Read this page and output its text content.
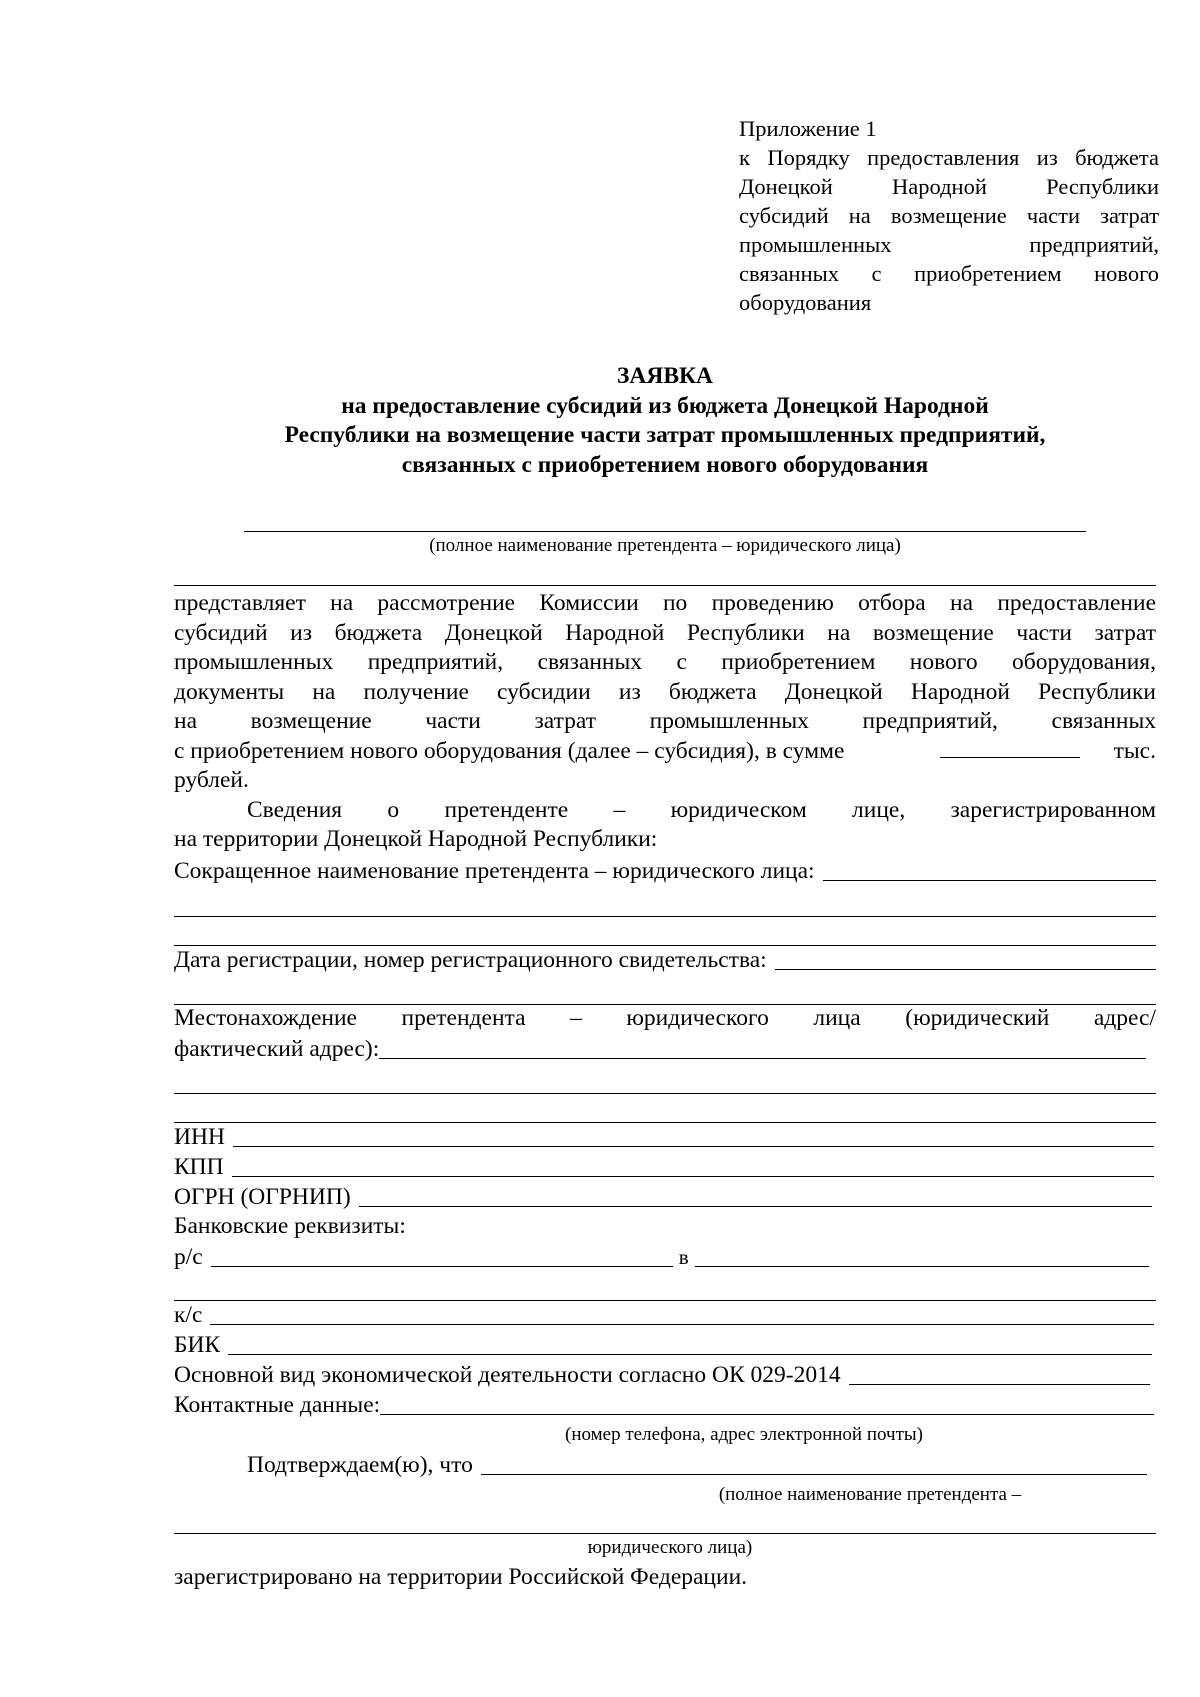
Приложение 1
к Порядку предоставления из бюджета
Донецкой Народной Республики
субсидий на возмещение части затрат
промышленных предприятий,
связанных с приобретением нового
оборудования
ЗАЯВКА
на предоставление субсидий из бюджета Донецкой Народной
Республики на возмещение части затрат промышленных предприятий,
связанных с приобретением нового оборудования
(полное наименование претендента – юридического лица)
представляет на рассмотрение Комиссии по проведению отбора на предоставление
субсидий из бюджета Донецкой Народной Республики на возмещение части затрат
промышленных предприятий, связанных с приобретением нового оборудования,
документы на получение субсидии из бюджета Донецкой Народной Республики
на возмещение части затрат промышленных предприятий, связанных
с приобретением нового оборудования (далее – субсидия), в сумме	тыс.
рублей.
Сведения о претенденте – юридическом лице, зарегистрированном
на территории Донецкой Народной Республики:
Сокращенное наименование претендента – юридического лица:
Дата регистрации, номер регистрационного свидетельства:
Местонахождение претендента – юридического лица (юридический адрес/
фактический адрес):
ИНН
КПП
ОГРН (ОГРНИП)
Банковские реквизиты:
р/с	в
к/с
БИК
Основной вид экономической деятельности согласно ОК 029-2014
Контактные данные:
(номер телефона, адрес электронной почты)
Подтверждаем(ю), что
(полное наименование претендента –
юридического лица)
зарегистрировано на территории Российской Федерации.
